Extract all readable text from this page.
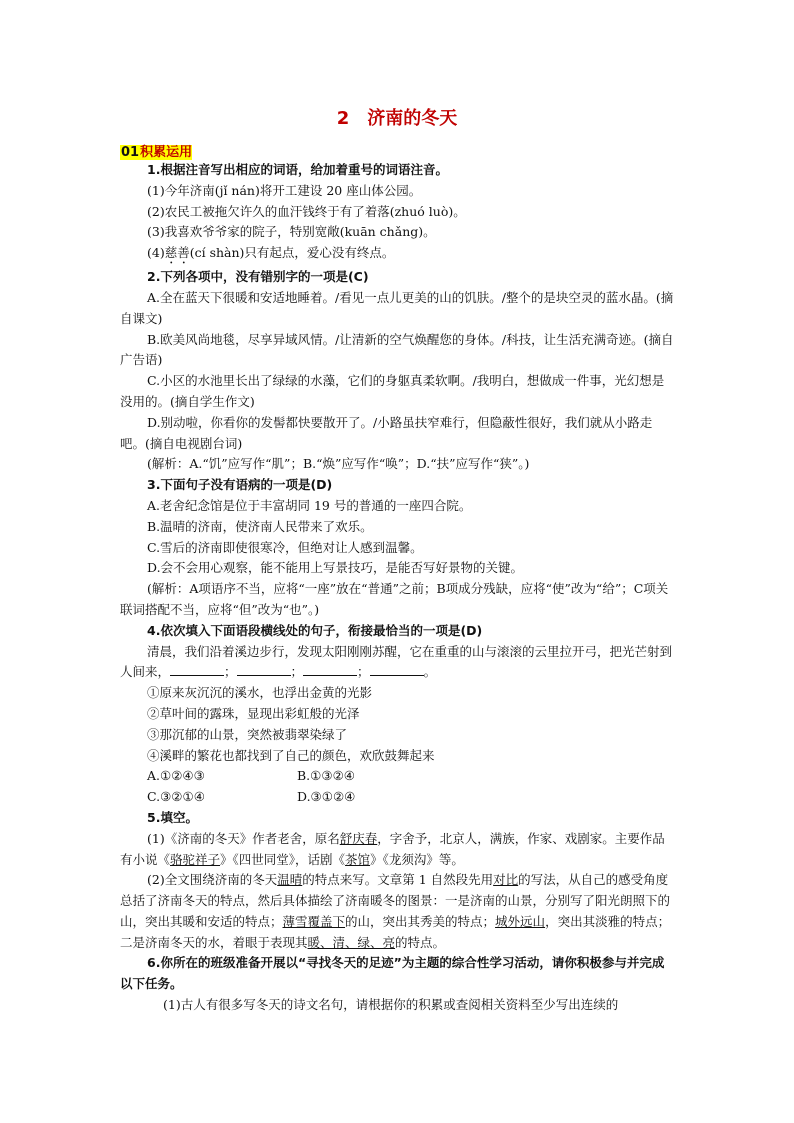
2　济南的冬天
01积累运用

1.根据注音写出相应的词语，给加着重号的词语注音。

(1)今年济南(jǐ nán)将开工建设 20 座山体公园。

(2)农民工被拖欠许久的血汗钱终于有了着落(zhuó luò)。

(3)我喜欢爷爷家的院子，特别宽敞(kuān chǎng)。

(4)慈善(cí shàn)只有起点，爱心没有终点。

2.下列各项中，没有错别字的一项是(C)

A.全在蓝天下很暖和安适地睡着。/看见一点儿更美的山的饥肤。/整个的是块空灵的蓝水晶。(摘自课文)

B.欧美风尚地毯，尽享异域风情。/让清新的空气焕醒您的身体。/科技，让生活充满奇迹。(摘自广告语)

C.小区的水池里长出了绿绿的水藻，它们的身躯真柔软啊。/我明白，想做成一件事，光幻想是没用的。(摘自学生作文)

D.别动啦，你看你的发髻都快要散开了。/小路虽扶窄难行，但隐蔽性很好，我们就从小路走吧。(摘自电视剧台词)

(解析：A.“饥”应写作“肌”；B.“焕”应写作“唤”；D.“扶”应写作“狭”。)

3.下面句子没有语病的一项是(D)

A.老舍纪念馆是位于丰富胡同 19 号的普通的一座四合院。

B.温晴的济南，使济南人民带来了欢乐。

C.雪后的济南即使很寒冷，但绝对让人感到温馨。

D.会不会用心观察，能不能用上写景技巧，是能否写好景物的关键。

(解析：A项语序不当，应将“一座”放在“普通”之前；B项成分残缺，应将“使”改为“给”；C项关联词搭配不当，应将“但”改为“也”。)

4.依次填入下面语段横线处的句子，衔接最恰当的一项是(D)

清晨，我们沿着溪边步行，发现太阳刚刚苏醒，它在重重的山与滚滚的云里拉开弓，把光芒射到人间来，	；	；	；	。

①原来灰沉沉的溪水，也浮出金黄的光影

②草叶间的露珠，显现出彩虹般的光泽

③那沉郁的山景，突然被翡翠染绿了

④溪畔的繁花也都找到了自己的颜色，欢欣鼓舞起来

A.①②④③	B.①③②④
C.③②①④	D.③①②④

5.填空。

(1)《济南的冬天》作者老舍，原名舒庆春，字舍予，北京人，满族，作家、戏剧家。主要作品有小说《骆驼祥子》《四世同堂》，话剧《茶馆》《龙须沟》等。

(2)全文围绕济南的冬天温晴的特点来写。文章第 1 自然段先用对比的写法，从自己的感受角度总括了济南冬天的特点，然后具体描绘了济南暖冬的图景：一是济南的山景，分别写了阳光朗照下的山，突出其暖和安适的特点；薄雪覆盖下的山，突出其秀美的特点；城外远山，突出其淡雅的特点；二是济南冬天的水，着眼于表现其暖、清、绿、亮的特点。

6.你所在的班级准备开展以“寻找冬天的足迹”为主题的综合性学习活动，请你积极参与并完成以下任务。

(1)古人有很多写冬天的诗文名句，请根据你的积累或查阅相关资料至少写出连续的
